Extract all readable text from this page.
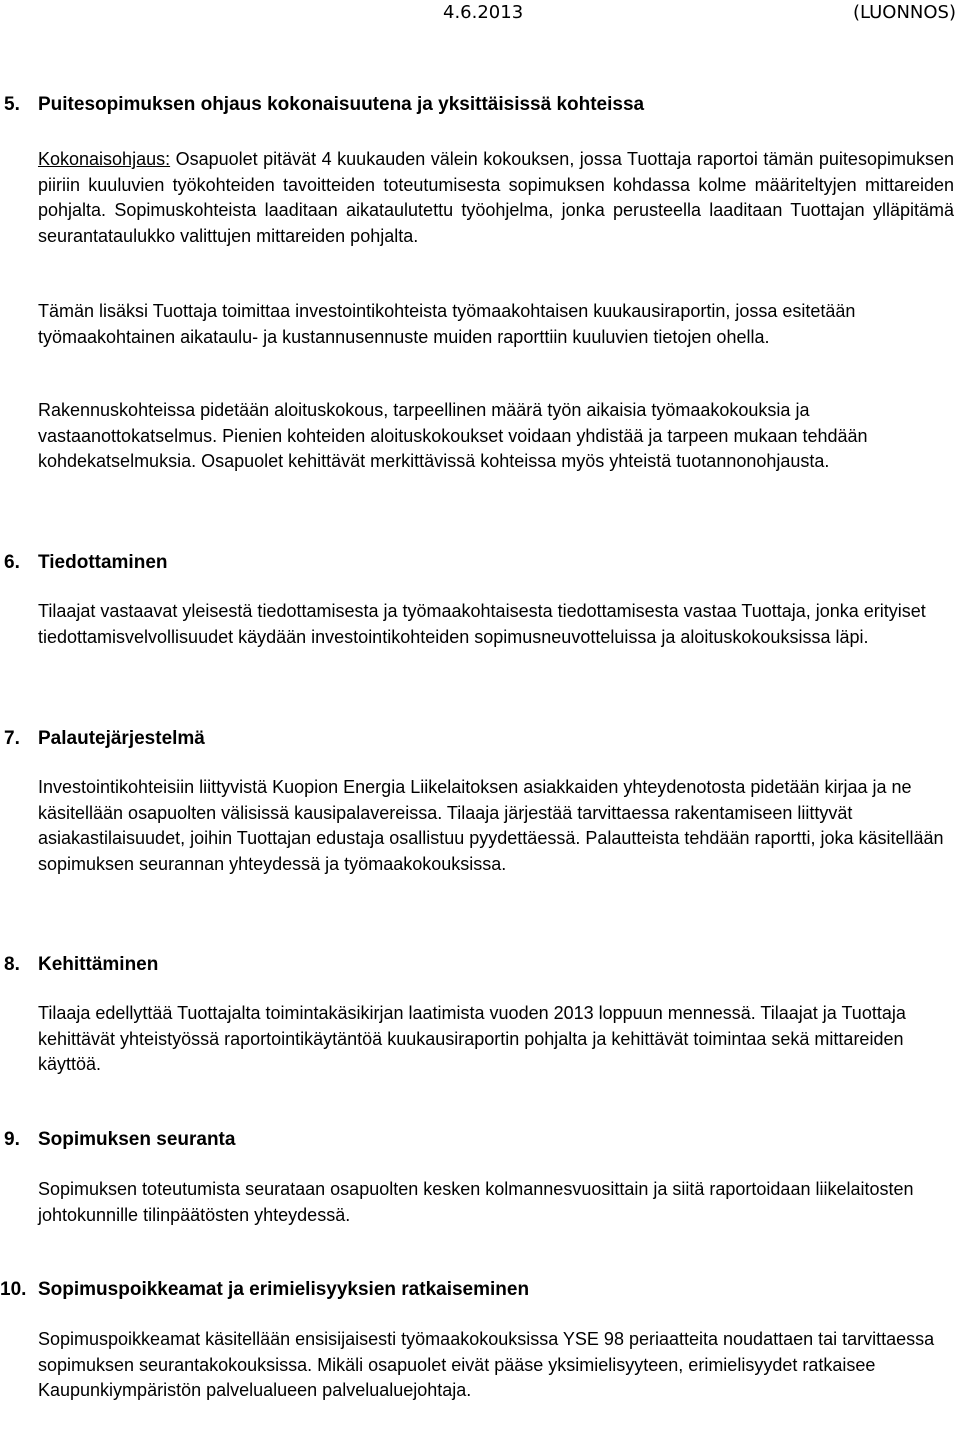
4.6.2013	(LUONNOS)
5. Puitesopimuksen ohjaus kokonaisuutena ja yksittäisissä kohteissa

Kokonaisohjaus: Osapuolet pitävät 4 kuukauden välein kokouksen, jossa Tuottaja raportoi tämän puitesopimuksen piiriin kuuluvien työkohteiden tavoitteiden toteutumisesta sopimuksen kohdassa kolme määriteltyjen mittareiden pohjalta. Sopimuskohteista laaditaan aikataulutettu työohjelma, jonka perusteella laaditaan Tuottajan ylläpitämä seurantataulukko valittujen mittareiden pohjalta.

Tämän lisäksi Tuottaja toimittaa investointikohteista työmaakohtaisen kuukausiraportin, jossa esitetään työmaakohtainen aikataulu- ja kustannusennuste muiden raporttiin kuuluvien tietojen ohella.

Rakennuskohteissa pidetään aloituskokous, tarpeellinen määrä työn aikaisia työmaakokouksia ja vastaanottokatselmus. Pienien kohteiden aloituskokoukset voidaan yhdistää ja tarpeen mukaan tehdään kohdekatselmuksia. Osapuolet kehittävät merkittävissä kohteissa myös yhteistä tuotannonohjausta.

6. Tiedottaminen

Tilaajat vastaavat yleisestä tiedottamisesta ja työmaakohtaisesta tiedottamisesta vastaa Tuottaja, jonka erityiset tiedottamisvelvollisuudet käydään investointikohteiden sopimusneuvotteluissa ja aloituskokouksissa läpi.

7. Palautejärjestelmä

Investointikohteisiin liittyvistä Kuopion Energia Liikelaitoksen asiakkaiden yhteydenotosta pidetään kirjaa ja ne käsitellään osapuolten välisissä kausipalavereissa. Tilaaja järjestää tarvittaessa rakentamiseen liittyvät asiakastilaisuudet, joihin Tuottajan edustaja osallistuu pyydettäessä. Palautteista tehdään raportti, joka käsitellään sopimuksen seurannan yhteydessä ja työmaakokouksissa.

8. Kehittäminen

Tilaaja edellyttää Tuottajalta toimintakäsikirjan laatimista vuoden 2013 loppuun mennessä. Tilaajat ja Tuottaja kehittävät yhteistyössä raportointikäytäntöä kuukausiraportin pohjalta ja kehittävät toimintaa sekä mittareiden käyttöä.

9. Sopimuksen seuranta

Sopimuksen toteutumista seurataan osapuolten kesken kolmannesvuosittain ja siitä raportoidaan liikelaitosten johtokunnille tilinpäätösten yhteydessä.

10. Sopimuspoikkeamat ja erimielisyyksien ratkaiseminen

Sopimuspoikkeamat käsitellään ensisijaisesti työmaakokouksissa YSE 98 periaatteita noudattaen tai tarvittaessa sopimuksen seurantakokouksissa. Mikäli osapuolet eivät pääse yksimielisyyteen, erimielisyydet ratkaisee Kaupunkiympäristön palvelualueen palvelualuejohtaja.
